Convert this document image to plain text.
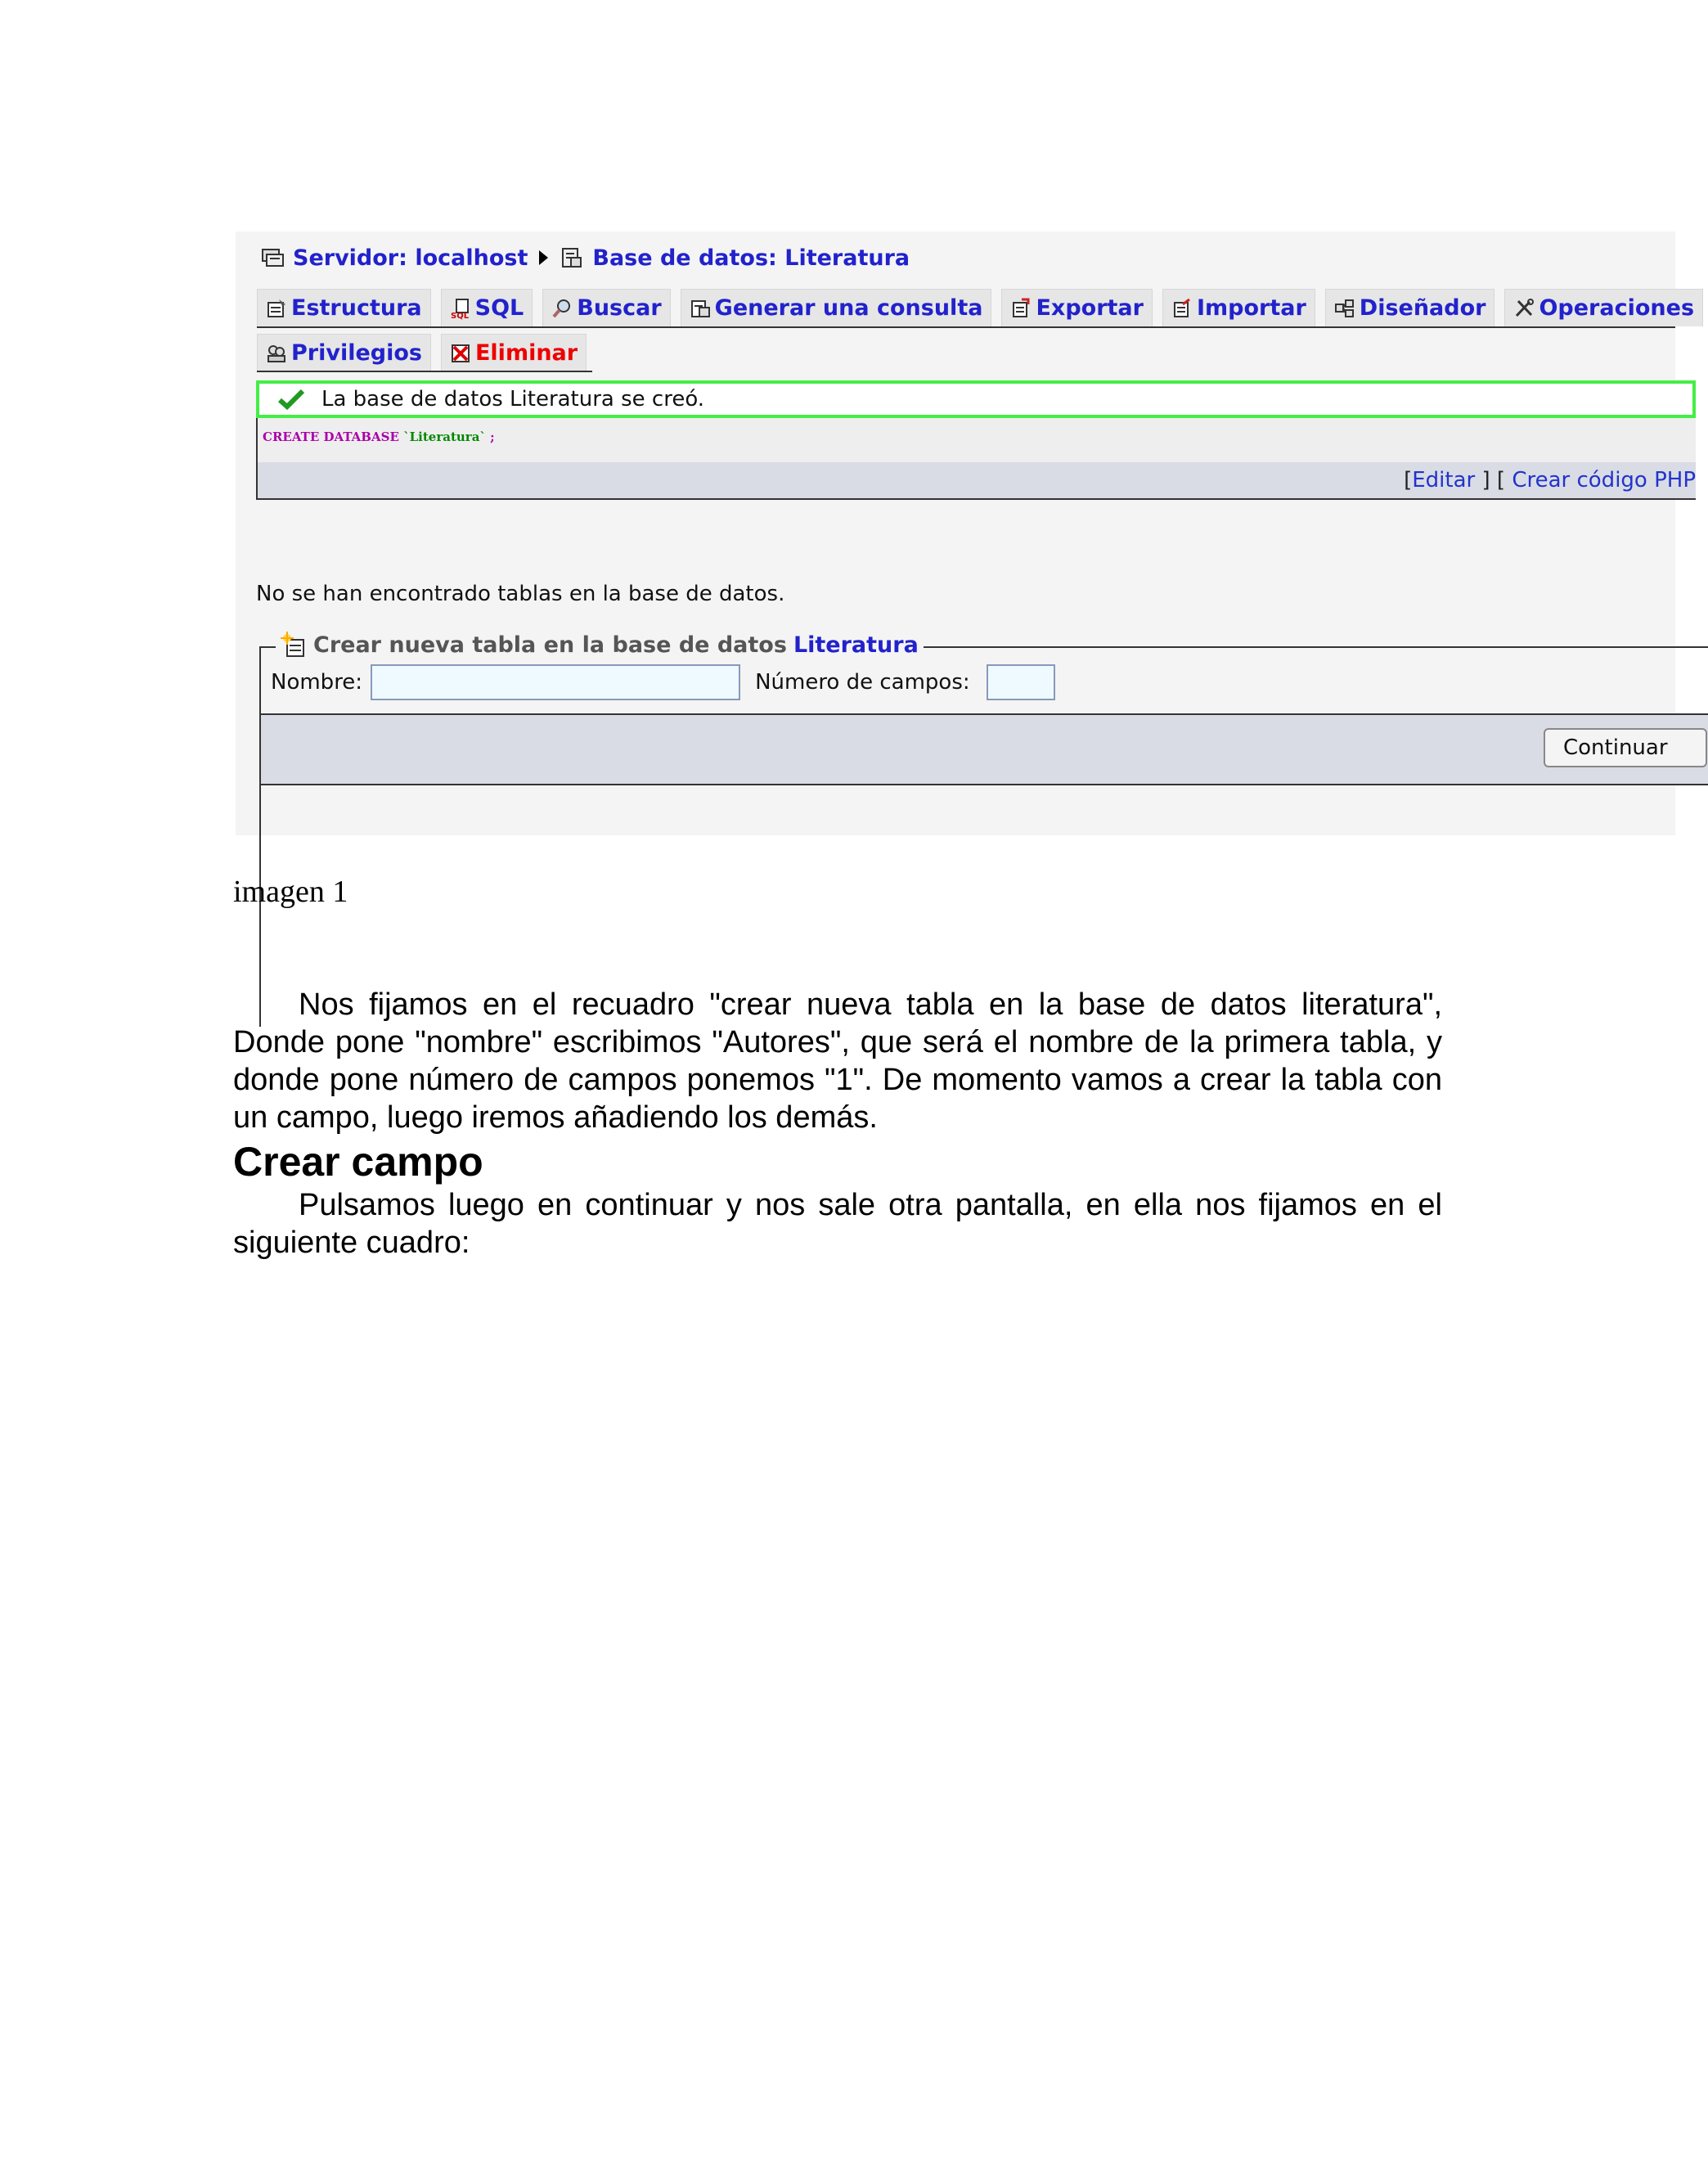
Servidor: localhost	Base de datos: Literatura
Estructura	SQL SQL Buscar Generar una consulta Exportar Importar Diseñador Operaciones
Privilegios Eliminar
La base de datos Literatura se creó.
CREATE DATABASE `Literatura` ;
[ Editar ] [ Crear código PHP
No se han encontrado tablas en la base de datos.
Crear nueva tabla en la base de datos Literatura
Nombre:	Número de campos:
Continuar
imagen 1

Nos fijamos en el recuadro "crear nueva tabla en la base de datos literatura", Donde pone "nombre" escribimos "Autores", que será el nombre de la primera tabla, y donde pone número de campos ponemos "1". De momento vamos a crear la tabla con un campo, luego iremos añadiendo los demás.

Crear campo

Pulsamos luego en continuar y nos sale otra pantalla, en ella nos fijamos en el siguiente cuadro:
